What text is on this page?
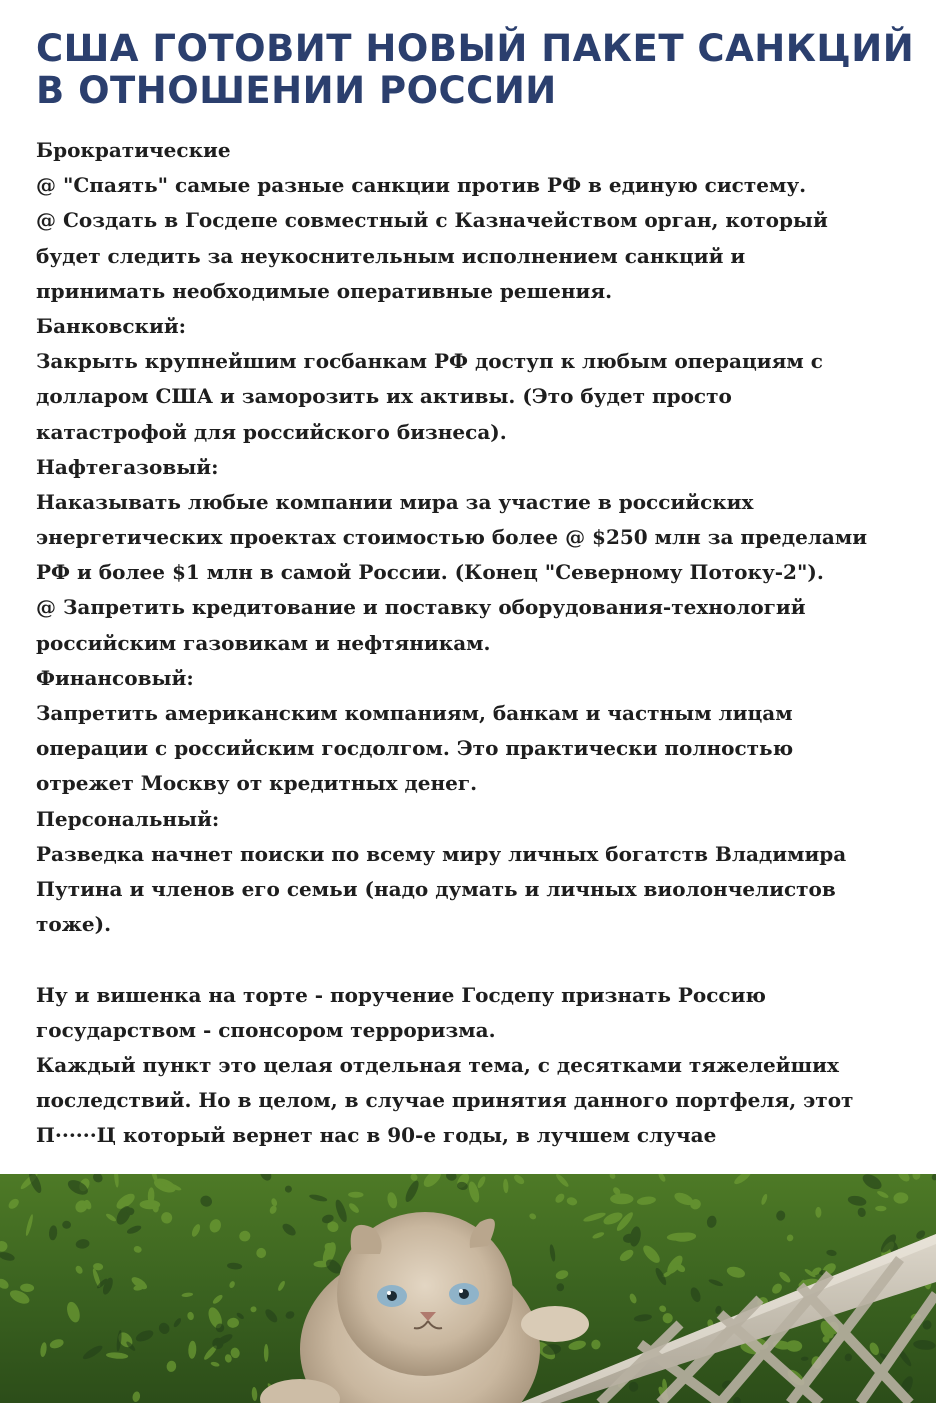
США ГОТОВИТ НОВЫЙ ПАКЕТ САНКЦИЙ
В ОТНОШЕНИИ РОССИИ
Брократические
@ "Спаять" самые разные санкции против РФ в единую систему.
@ Создать в Госдепе совместный с Казначейством орган, который
будет следить за неукоснительным исполнением санкций и
принимать необходимые оперативные решения.
Банковский:
Закрыть крупнейшим госбанкам РФ доступ к любым операциям с
долларом США и заморозить их активы. (Это будет просто
катастрофой для российского бизнеса).
Нафтегазовый:
Наказывать любые компании мира за участие в российских
энергетических проектах стоимостью более @ $250 млн за пределами
РФ и более $1 млн в самой России. (Конец "Северному Потоку-2").
@ Запретить кредитование и поставку оборудования-технологий
российским газовикам и нефтяникам.
Финансовый:
Запретить американским компаниям, банкам и частным лицам
операции с российским госдолгом. Это практически полностью
отрежет Москву от кредитных денег.
Персональный:
Разведка начнет поиски по всему миру личных богатств Владимира
Путина и членов его семьи (надо думать и личных виолончелистов
тоже).
Ну и вишенка на торте - поручение Госдепу признать Россию
государством - спонсором терроризма.
Каждый пункт это целая отдельная тема, с десятками тяжелейших
последствий. Но в целом, в случае принятия данного портфеля, этот
П······Ц который вернет нас в 90-е годы, в лучшем случае
